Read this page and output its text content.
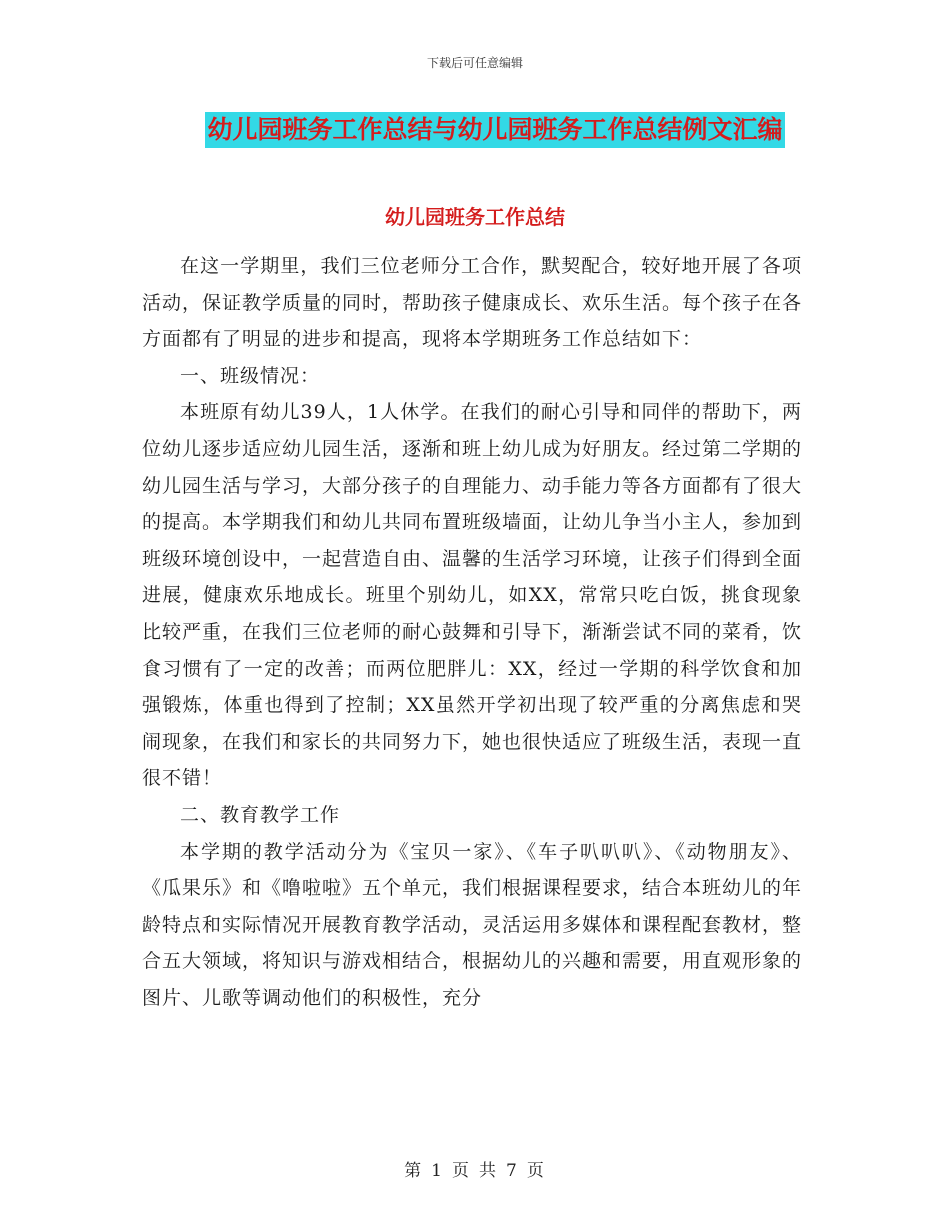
下载后可任意编辑
幼儿园班务工作总结与幼儿园班务工作总结例文汇编
幼儿园班务工作总结

在这一学期里，我们三位老师分工合作，默契配合，较好地开展了各项活动，保证教学质量的同时，帮助孩子健康成长、欢乐生活。每个孩子在各方面都有了明显的进步和提高，现将本学期班务工作总结如下：

一、班级情况：

本班原有幼儿39人，1人休学。在我们的耐心引导和同伴的帮助下，两位幼儿逐步适应幼儿园生活，逐渐和班上幼儿成为好朋友。经过第二学期的幼儿园生活与学习，大部分孩子的自理能力、动手能力等各方面都有了很大的提高。本学期我们和幼儿共同布置班级墙面，让幼儿争当小主人，参加到班级环境创设中，一起营造自由、温馨的生活学习环境，让孩子们得到全面进展，健康欢乐地成长。班里个别幼儿，如XX，常常只吃白饭，挑食现象比较严重，在我们三位老师的耐心鼓舞和引导下，渐渐尝试不同的菜肴，饮食习惯有了一定的改善；而两位肥胖儿：XX，经过一学期的科学饮食和加强锻炼，体重也得到了控制；XX虽然开学初出现了较严重的分离焦虑和哭闹现象，在我们和家长的共同努力下，她也很快适应了班级生活，表现一直很不错！

二、教育教学工作

本学期的教学活动分为《宝贝一家》、《车子叭叭叭》、《动物朋友》、《瓜果乐》和《噜啦啦》五个单元，我们根据课程要求，结合本班幼儿的年龄特点和实际情况开展教育教学活动，灵活运用多媒体和课程配套教材，整合五大领域，将知识与游戏相结合，根据幼儿的兴趣和需要，用直观形象的图片、儿歌等调动他们的积极性，充分

第 1 页 共 7 页
